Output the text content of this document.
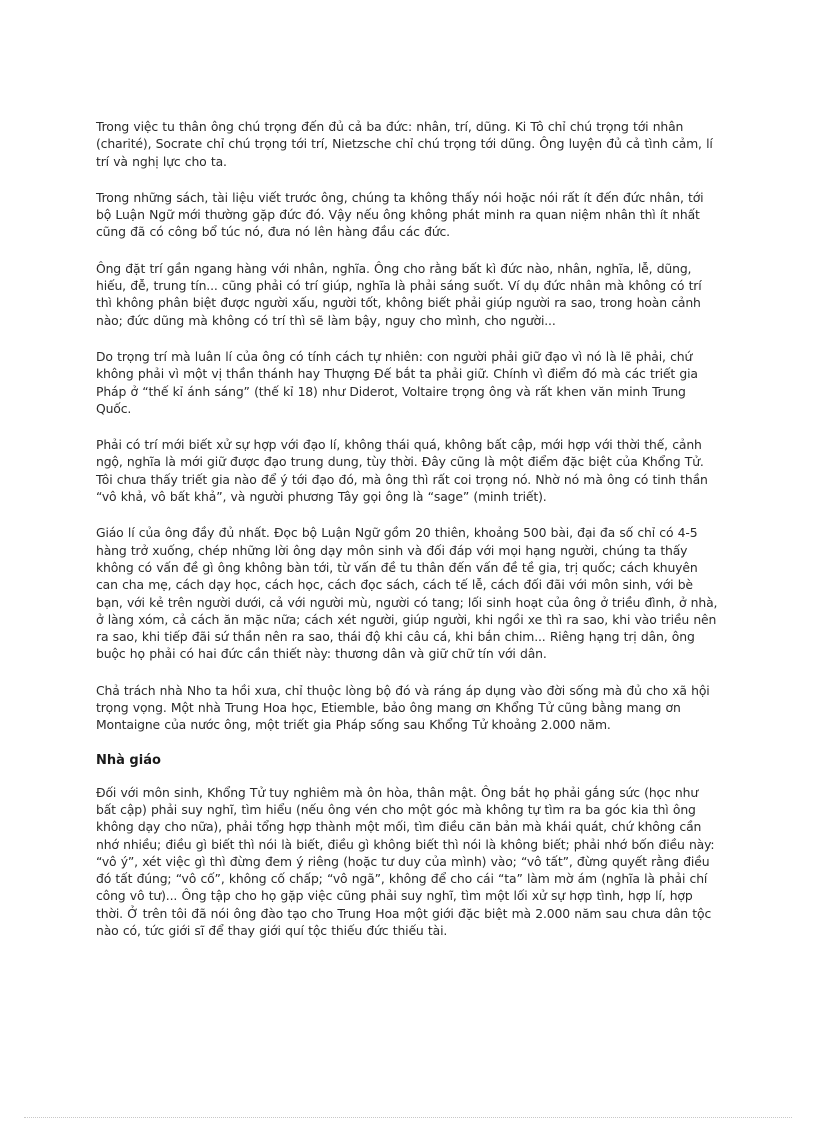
Trong việc tu thân ông chú trọng đến đủ cả ba đức: nhân, trí, dũng. Ki Tô chỉ chú trọng tới nhân (charité), Socrate chỉ chú trọng tới trí, Nietzsche chỉ chú trọng tới dũng. Ông luyện đủ cả tình cảm, lí trí và nghị lực cho ta.

Trong những sách, tài liệu viết trước ông, chúng ta không thấy nói hoặc nói rất ít đến đức nhân, tới bộ Luận Ngữ mới thường gặp đức đó. Vậy nếu ông không phát minh ra quan niệm nhân thì ít nhất cũng đã có công bổ túc nó, đưa nó lên hàng đầu các đức.

Ông đặt trí gần ngang hàng với nhân, nghĩa. Ông cho rằng bất kì đức nào, nhân, nghĩa, lễ, dũng, hiếu, đễ, trung tín... cũng phải có trí giúp, nghĩa là phải sáng suốt. Ví dụ đức nhân mà không có trí thì không phân biệt được người xấu, người tốt, không biết phải giúp người ra sao, trong hoàn cảnh nào; đức dũng mà không có trí thì sẽ làm bậy, nguy cho mình, cho người...

Do trọng trí mà luân lí của ông có tính cách tự nhiên: con người phải giữ đạo vì nó là lẽ phải, chứ không phải vì một vị thần thánh hay Thượng Đế bắt ta phải giữ. Chính vì điểm đó mà các triết gia Pháp ở “thế kỉ ánh sáng” (thế kỉ 18) như Diderot, Voltaire trọng ông và rất khen văn minh Trung Quốc.

Phải có trí mới biết xử sự hợp với đạo lí, không thái quá, không bất cập, mới hợp với thời thế, cảnh ngộ, nghĩa là mới giữ được đạo trung dung, tùy thời. Đây cũng là một điểm đặc biệt của Khổng Tử. Tôi chưa thấy triết gia nào để ý tới đạo đó, mà ông thì rất coi trọng nó. Nhờ nó mà ông có tinh thần “vô khả, vô bất khả”, và người phương Tây gọi ông là “sage” (minh triết).

Giáo lí của ông đầy đủ nhất. Đọc bộ Luận Ngữ gồm 20 thiên, khoảng 500 bài, đại đa số chỉ có 4-5 hàng trở xuống, chép những lời ông dạy môn sinh và đối đáp với mọi hạng người, chúng ta thấy không có vấn đề gì ông không bàn tới, từ vấn đề tu thân đến vấn đề tề gia, trị quốc; cách khuyên can cha mẹ, cách dạy học, cách học, cách đọc sách, cách tế lễ, cách đối đãi với môn sinh, với bè bạn, với kẻ trên người dưới, cả với người mù, người có tang; lối sinh hoạt của ông ở triều đình, ở nhà, ở làng xóm, cả cách ăn mặc nữa; cách xét người, giúp người, khi ngồi xe thì ra sao, khi vào triều nên ra sao, khi tiếp đãi sứ thần nên ra sao, thái độ khi câu cá, khi bắn chim... Riêng hạng trị dân, ông buộc họ phải có hai đức cần thiết này: thương dân và giữ chữ tín với dân.

Chả trách nhà Nho ta hồi xưa, chỉ thuộc lòng bộ đó và ráng áp dụng vào đời sống mà đủ cho xã hội trọng vọng. Một nhà Trung Hoa học, Etiemble, bảo ông mang ơn Khổng Tử cũng bằng mang ơn Montaigne của nước ông, một triết gia Pháp sống sau Khổng Tử khoảng 2.000 năm.

Nhà giáo

Đối với môn sinh, Khổng Tử tuy nghiêm mà ôn hòa, thân mật. Ông bắt họ phải gắng sức (học như bất cập) phải suy nghĩ, tìm hiểu (nếu ông vén cho một góc mà không tự tìm ra ba góc kia thì ông không dạy cho nữa), phải tổng hợp thành một mối, tìm điều căn bản mà khái quát, chứ không cần nhớ nhiều; điều gì biết thì nói là biết, điều gì không biết thì nói là không biết; phải nhớ bốn điều này: “vô ý”, xét việc gì thì đừng đem ý riêng (hoặc tư duy của mình) vào; “vô tất”, đừng quyết rằng điều đó tất đúng; “vô cố”, không cố chấp; “vô ngã”, không để cho cái “ta” làm mờ ám (nghĩa là phải chí công vô tư)... Ông tập cho họ gặp việc cũng phải suy nghĩ, tìm một lối xử sự hợp tình, hợp lí, hợp thời. Ở trên tôi đã nói ông đào tạo cho Trung Hoa một giới đặc biệt mà 2.000 năm sau chưa dân tộc nào có, tức giới sĩ để thay giới quí tộc thiếu đức thiếu tài.
